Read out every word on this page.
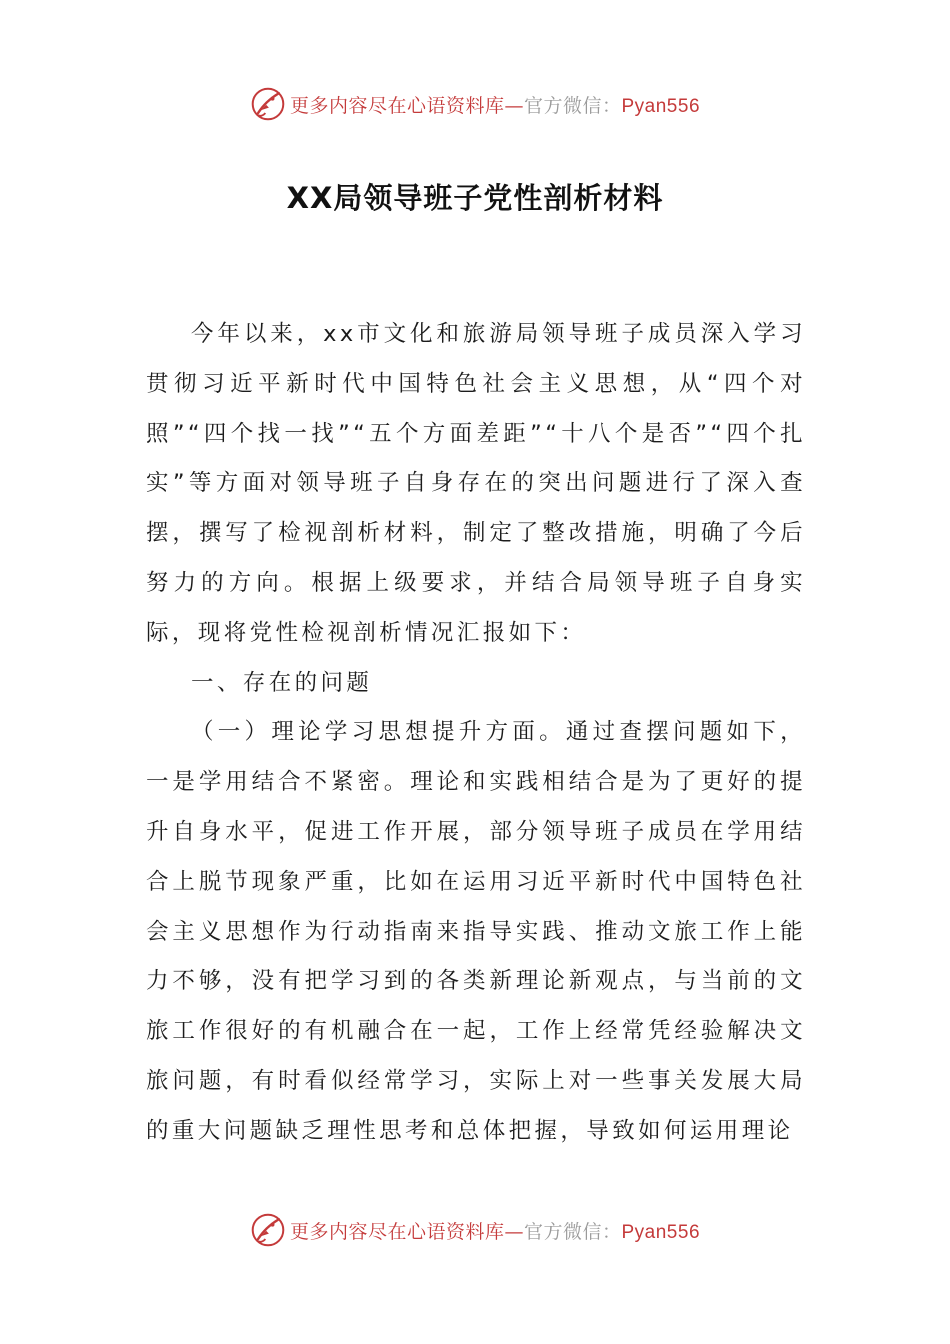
更多内容尽在心语资料库—官方微信：Pyan556
XX局领导班子党性剖析材料

今年以来，xx市文化和旅游局领导班子成员深入学习贯彻习近平新时代中国特色社会主义思想，从“四个对照”“四个找一找”“五个方面差距”“十八个是否”“四个扎实”等方面对领导班子自身存在的突出问题进行了深入查摆，撰写了检视剖析材料，制定了整改措施，明确了今后努力的方向。根据上级要求，并结合局领导班子自身实际，现将党性检视剖析情况汇报如下：

一、存在的问题

（一）理论学习思想提升方面。通过查摆问题如下，一是学用结合不紧密。理论和实践相结合是为了更好的提升自身水平，促进工作开展，部分领导班子成员在学用结合上脱节现象严重，比如在运用习近平新时代中国特色社会主义思想作为行动指南来指导实践、推动文旅工作上能力不够，没有把学习到的各类新理论新观点，与当前的文旅工作很好的有机融合在一起，工作上经常凭经验解决文旅问题，有时看似经常学习，实际上对一些事关发展大局的重大问题缺乏理性思考和总体把握，导致如何运用理论

更多内容尽在心语资料库—官方微信：Pyan556
